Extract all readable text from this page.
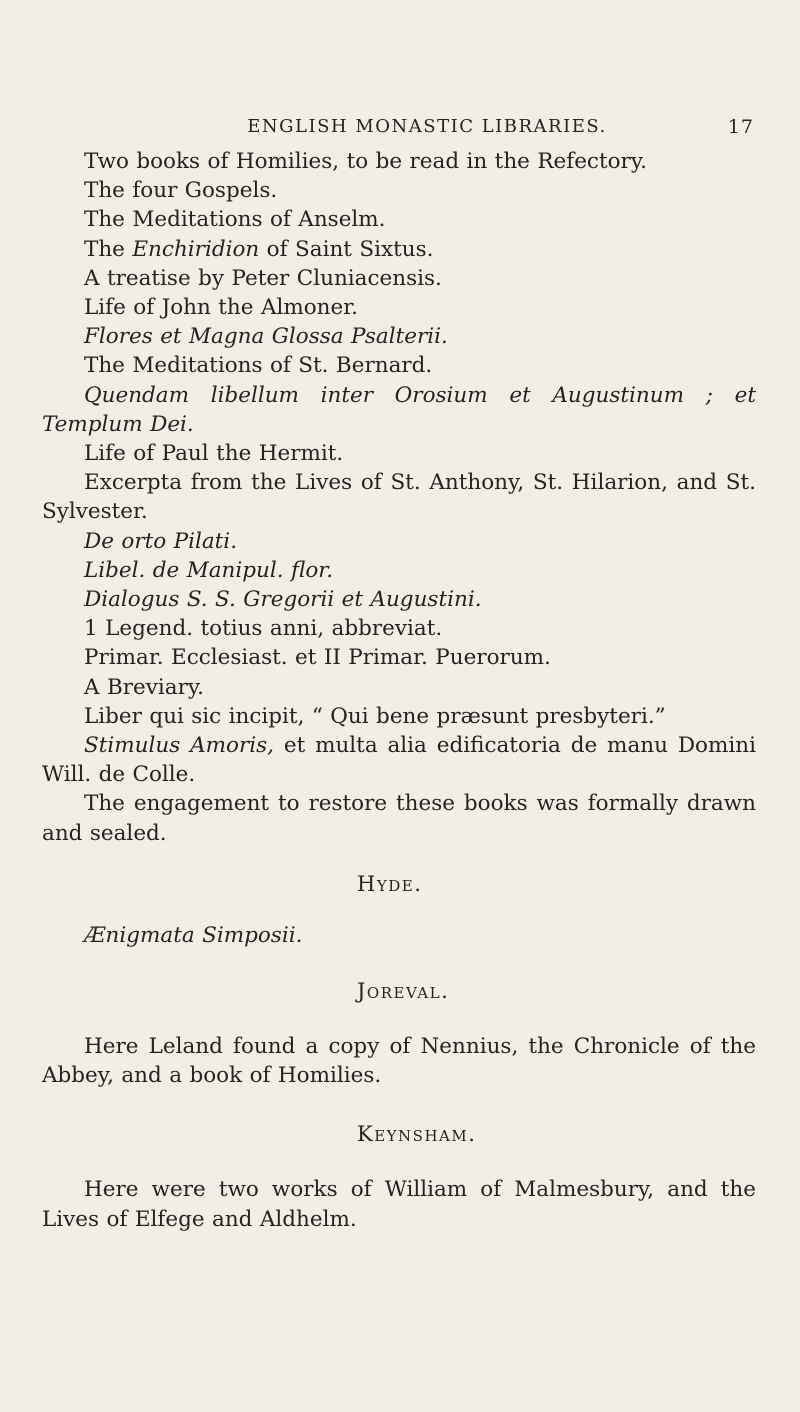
ENGLISH MONASTIC LIBRARIES.	17

Two books of Homilies, to be read in the Refectory.

The four Gospels.

The Meditations of Anselm.

The Enchiridion of Saint Sixtus.

A treatise by Peter Cluniacensis.

Life of John the Almoner.

Flores et Magna Glossa Psalterii.

The Meditations of St. Bernard.

Quendam libellum inter Orosium et Augustinum ; et Templum Dei.

Life of Paul the Hermit.

Excerpta from the Lives of St. Anthony, St. Hilarion, and St. Sylvester.

De orto Pilati.

Libel. de Manipul. flor.

Dialogus S. S. Gregorii et Augustini.

1 Legend. totius anni, abbreviat.

Primar. Ecclesiast. et II Primar. Puerorum.

A Breviary.

Liber qui sic incipit, “ Qui bene præsunt presbyteri.”

Stimulus Amoris, et multa alia edificatoria de manu Domini Will. de Colle.

The engagement to restore these books was formally drawn and sealed.

Hyde.

Ænigmata Simposii.

Joreval.

Here Leland found a copy of Nennius, the Chronicle of the Abbey, and a book of Homilies.

Keynsham.

Here were two works of William of Malmesbury, and the Lives of Elfege and Aldhelm.
